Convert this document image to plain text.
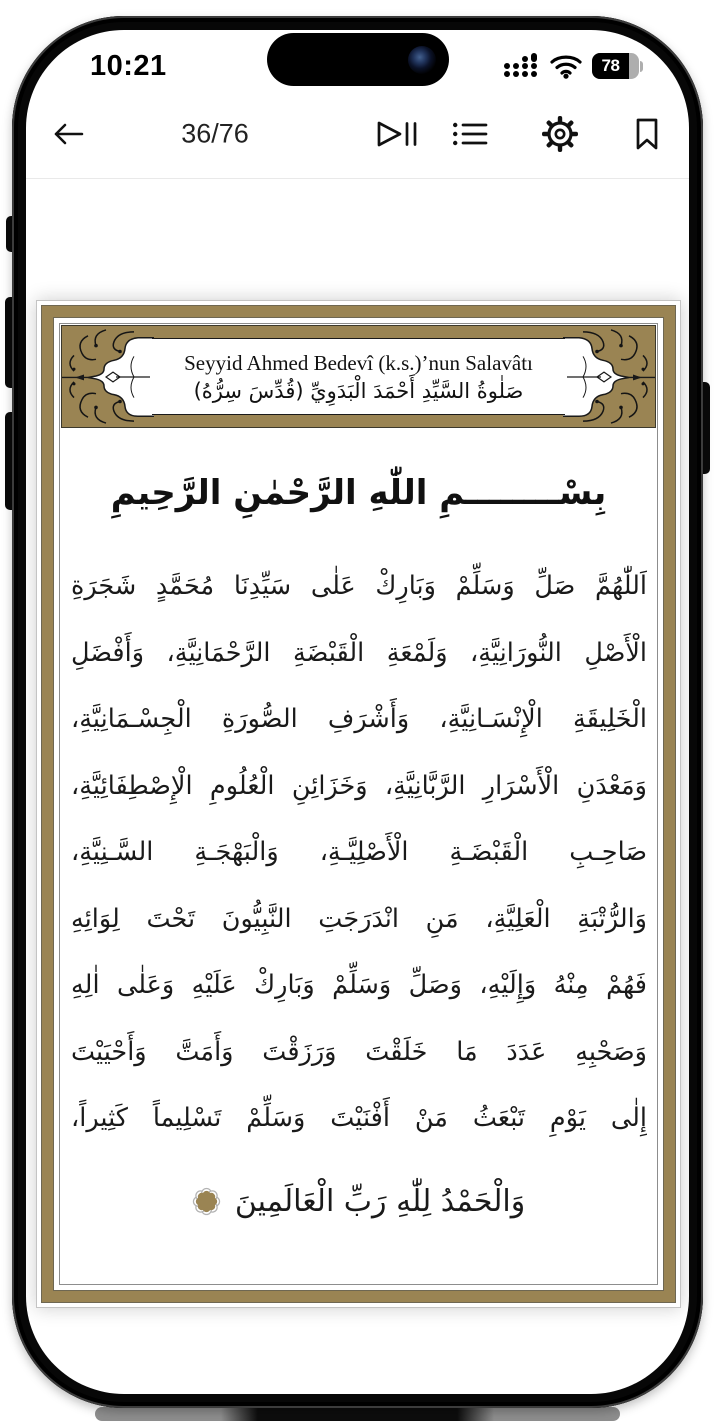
10:21	78
36/76
Seyyid Ahmed Bedevî (k.s.)’nun Salavâtı
صَلٰوةُ السَّيِّدِ أَحْمَدَ الْبَدَوِيِّ (قُدِّسَ سِرُّهُ)
بِسْــــــــمِ اللّٰهِ الرَّحْمٰنِ الرَّحِيمِ
اَللّٰهُمَّ صَلِّ وَسَلِّمْ وَبَارِكْ عَلٰى سَيِّدِنَا مُحَمَّدٍ شَجَرَةِ
الْأَصْلِ النُّورَانِيَّةِ، وَلَمْعَةِ الْقَبْضَةِ الرَّحْمَانِيَّةِ، وَأَفْضَلِ
الْخَلِيقَةِ الْإِنْسَـانِيَّةِ، وَأَشْرَفِ الصُّورَةِ الْجِسْـمَانِيَّةِ،
وَمَعْدَنِ الْأَسْرَارِ الرَّبَّانِيَّةِ، وَخَزَائِنِ الْعُلُومِ الْإِصْطِفَائِيَّةِ،
صَاحِـبِ الْقَبْضَـةِ الْأَصْلِيَّـةِ، وَالْبَهْجَـةِ السَّـنِيَّةِ،
وَالرُّتْبَةِ الْعَلِيَّةِ، مَنِ انْدَرَجَتِ النَّبِيُّونَ تَحْتَ لِوَائِهِ
فَهُمْ مِنْهُ وَإِلَيْهِ، وَصَلِّ وَسَلِّمْ وَبَارِكْ عَلَيْهِ وَعَلٰى اٰلِهِ
وَصَحْبِهِ عَدَدَ مَا خَلَقْتَ وَرَزَقْتَ وَأَمَتَّ وَأَحْيَيْتَ
إِلٰى يَوْمِ تَبْعَثُ مَنْ أَفْنَيْتَ وَسَلِّمْ تَسْلِيماً كَثِيراً،
وَالْحَمْدُ لِلّٰهِ رَبِّ الْعَالَمِينَ
